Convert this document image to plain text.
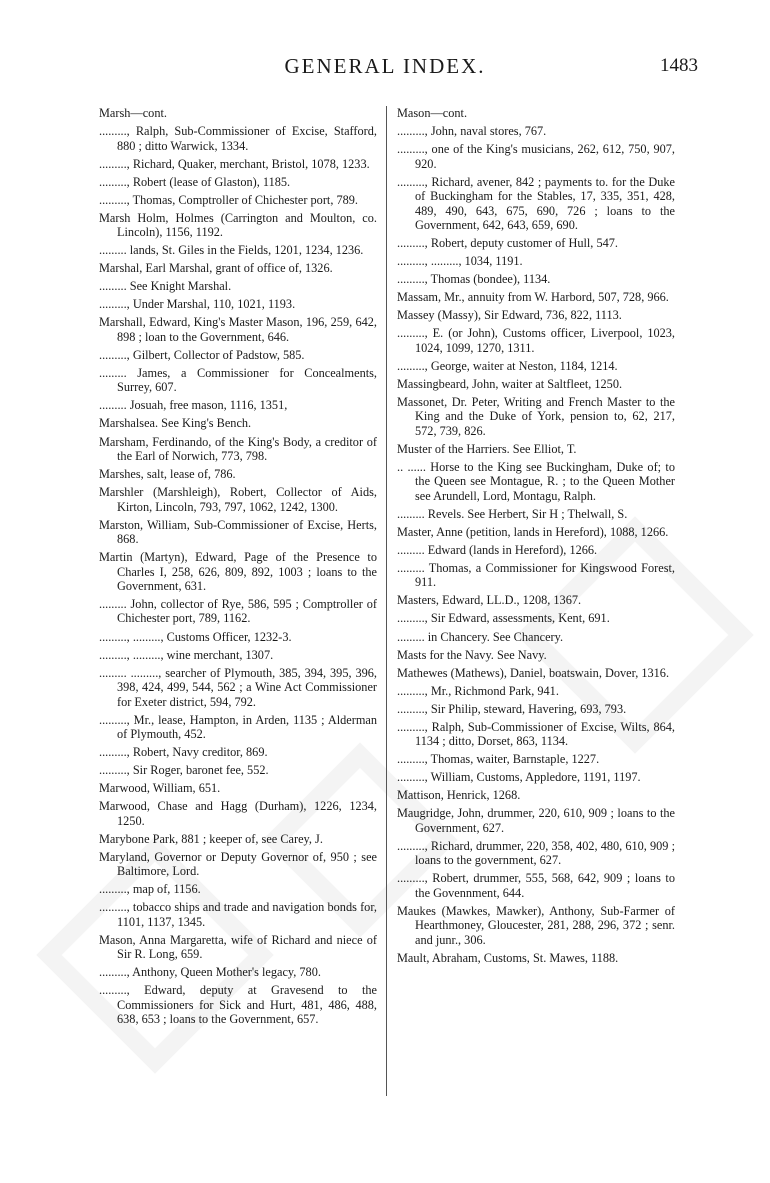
GENERAL INDEX.	1483

Marsh—cont.

........., Ralph, Sub-Commissioner of Excise, Stafford, 880 ; ditto Warwick, 1334.

........., Richard, Quaker, merchant, Bristol, 1078, 1233.

........., Robert (lease of Glaston), 1185.

........., Thomas, Comptroller of Chichester port, 789.

Marsh Holm, Holmes (Carrington and Moulton, co. Lincoln), 1156, 1192.

......... lands, St. Giles in the Fields, 1201, 1234, 1236.

Marshal, Earl Marshal, grant of office of, 1326.

......... See Knight Marshal.

........., Under Marshal, 110, 1021, 1193.

Marshall, Edward, King's Master Mason, 196, 259, 642, 898 ; loan to the Government, 646.

........., Gilbert, Collector of Padstow, 585.

......... James, a Commissioner for Concealments, Surrey, 607.

......... Josuah, free mason, 1116, 1351,

Marshalsea. See King's Bench.

Marsham, Ferdinando, of the King's Body, a creditor of the Earl of Norwich, 773, 798.

Marshes, salt, lease of, 786.

Marshler (Marshleigh), Robert, Collector of Aids, Kirton, Lincoln, 793, 797, 1062, 1242, 1300.

Marston, William, Sub-Commissioner of Excise, Herts, 868.

Martin (Martyn), Edward, Page of the Presence to Charles I, 258, 626, 809, 892, 1003 ; loans to the Government, 631.

......... John, collector of Rye, 586, 595 ; Comptroller of Chichester port, 789, 1162.

........., ........., Customs Officer, 1232-3.

........., ........., wine merchant, 1307.

......... ........., searcher of Plymouth, 385, 394, 395, 396, 398, 424, 499, 544, 562 ; a Wine Act Commissioner for Exeter district, 594, 792.

........., Mr., lease, Hampton, in Arden, 1135 ; Alderman of Plymouth, 452.

........., Robert, Navy creditor, 869.

........., Sir Roger, baronet fee, 552.

Marwood, William, 651.

Marwood, Chase and Hagg (Durham), 1226, 1234, 1250.

Marybone Park, 881 ; keeper of, see Carey, J.

Maryland, Governor or Deputy Governor of, 950 ; see Baltimore, Lord.

........., map of, 1156.

........., tobacco ships and trade and navigation bonds for, 1101, 1137, 1345.

Mason, Anna Margaretta, wife of Richard and niece of Sir R. Long, 659.

........., Anthony, Queen Mother's legacy, 780.

........., Edward, deputy at Gravesend to the Commissioners for Sick and Hurt, 481, 486, 488, 638, 653 ; loans to the Government, 657.

Mason—cont.

........., John, naval stores, 767.

........., one of the King's musicians, 262, 612, 750, 907, 920.

........., Richard, avener, 842 ; payments to. for the Duke of Buckingham for the Stables, 17, 335, 351, 428, 489, 490, 643, 675, 690, 726 ; loans to the Government, 642, 643, 659, 690.

........., Robert, deputy customer of Hull, 547.

........., ........., 1034, 1191.

........., Thomas (bondee), 1134.

Massam, Mr., annuity from W. Harbord, 507, 728, 966.

Massey (Massy), Sir Edward, 736, 822, 1113.

........., E. (or John), Customs officer, Liverpool, 1023, 1024, 1099, 1270, 1311.

........., George, waiter at Neston, 1184, 1214.

Massingbeard, John, waiter at Saltfleet, 1250.

Massonet, Dr. Peter, Writing and French Master to the King and the Duke of York, pension to, 62, 217, 572, 739, 826.

Muster of the Harriers. See Elliot, T.

.. ...... Horse to the King see Buckingham, Duke of; to the Queen see Montague, R. ; to the Queen Mother see Arundell, Lord, Montagu, Ralph.

......... Revels. See Herbert, Sir H ; Thelwall, S.

Master, Anne (petition, lands in Hereford), 1088, 1266.

......... Edward (lands in Hereford), 1266.

......... Thomas, a Commissioner for Kingswood Forest, 911.

Masters, Edward, LL.D., 1208, 1367.

........., Sir Edward, assessments, Kent, 691.

......... in Chancery. See Chancery.

Masts for the Navy. See Navy.

Mathewes (Mathews), Daniel, boatswain, Dover, 1316.

........., Mr., Richmond Park, 941.

........., Sir Philip, steward, Havering, 693, 793.

........., Ralph, Sub-Commissioner of Excise, Wilts, 864, 1134 ; ditto, Dorset, 863, 1134.

........., Thomas, waiter, Barnstaple, 1227.

........., William, Customs, Appledore, 1191, 1197.

Mattison, Henrick, 1268.

Maugridge, John, drummer, 220, 610, 909 ; loans to the Government, 627.

........., Richard, drummer, 220, 358, 402, 480, 610, 909 ; loans to the government, 627.

........., Robert, drummer, 555, 568, 642, 909 ; loans to the Govennment, 644.

Maukes (Mawkes, Mawker), Anthony, Sub-Farmer of Hearthmoney, Gloucester, 281, 288, 296, 372 ; senr. and junr., 306.

Mault, Abraham, Customs, St. Mawes, 1188.
